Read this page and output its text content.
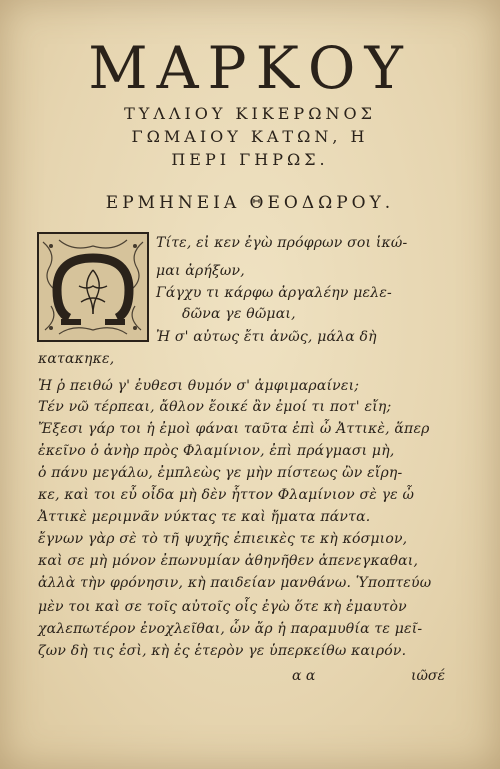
ΜΑΡΚΟΥ
ΤΥΛΛΙΟΥ ΚΙΚΕΡΩΝΟΣ
ΓΩΜΑΙΟΥ ΚΑΤΩΝ, Η
ΠΕΡΙ ΓΗΡΩΣ.
ΕΡΜΗΝΕΙΑ ΘΕΟΔΩΡΟΥ.
Τίτε, εἰ κεν ἐγὼ πρόφρων σοι ἱκώ-
μαι ἀρήξων,
Γάγχυ τι κάρφω ἀργαλέην μελε-
δῶνα γε θῶμαι,
Ἠ σ' αὐτως ἔτι ἀνῶς, μάλα δὴ
κατακηκε,
Ἠ ῥ πειθώ γ' ἐυθεσι θυμόν σ' ἀμφιμαραίνει;
Τέν νῶ τέρπεαι, ἄθλον ἔοικέ ἂν ἐμοί τι ποτ' εἴη;
Ἔξεσι γάρ τοι ἡ ἐμοὶ φάναι ταῦτα ἐπὶ ὦ Ἀττικὲ, ἅπερ
ἐκεῖνο ὁ ἀνὴρ πρὸς Φλαμίνιον, ἐπὶ πράγμασι μὴ,
ὁ πάνυ μεγάλω, ἐμπλεὼς γε μὴν πίστεως ὢν εἴρη-
κε, καὶ τοι εὖ οἶδα μὴ δὲν ἧττον Φλαμίνιον σὲ γε ὦ
Ἀττικὲ μεριμνᾶν νύκτας τε καὶ ἤματα πάντα.
ἔγνων γὰρ σὲ τὸ τῆ ψυχῆς ἐπιεικὲς τε κὴ κόσμιον,
καὶ σε μὴ μόνον ἐπωνυμίαν ἀθηνῆθεν ἀπενεγκαθαι,
ἀλλὰ τὴν φρόνησιν, κὴ παιδείαν μανθάνω. Ὑποπτεύω
μὲν τοι καὶ σε τοῖς αὐτοῖς οἷς ἐγὼ ὅτε κὴ ἐμαυτὸν
χαλεπωτέρον ἐνοχλεῖθαι, ὧν ἄρ ἡ παραμυθία τε μεῖ-
ζων δὴ τις ἐσὶ, κὴ ἐς ἑτερὸν γε ὑπερκείθω καιρόν.
α α	ιῶσέ
